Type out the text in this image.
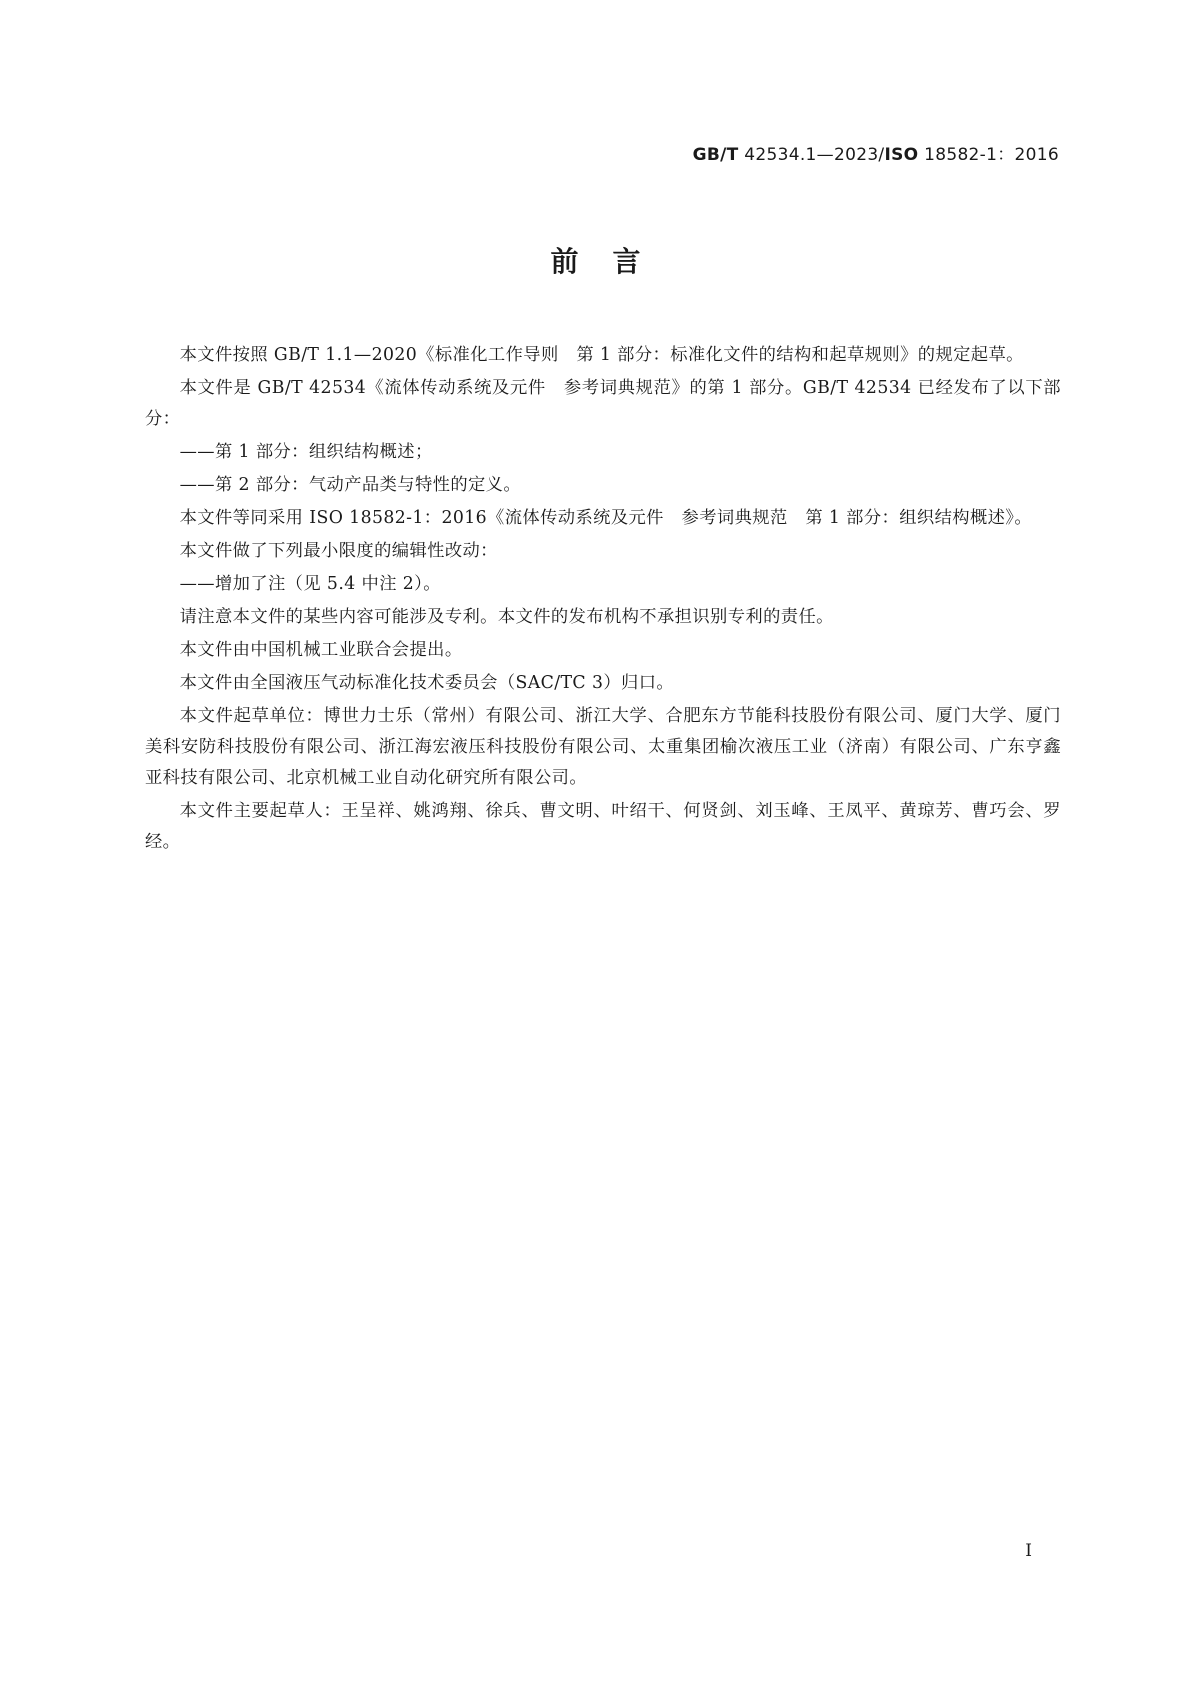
GB/T 42534.1—2023/ISO 18582-1：2016
前言

本文件按照 GB/T 1.1—2020《标准化工作导则　第 1 部分：标准化文件的结构和起草规则》的规定起草。

本文件是 GB/T 42534《流体传动系统及元件　参考词典规范》的第 1 部分。GB/T 42534 已经发布了以下部分：

——第 1 部分：组织结构概述；

——第 2 部分：气动产品类与特性的定义。

本文件等同采用 ISO 18582-1：2016《流体传动系统及元件　参考词典规范　第 1 部分：组织结构概述》。

本文件做了下列最小限度的编辑性改动：

——增加了注（见 5.4 中注 2）。

请注意本文件的某些内容可能涉及专利。本文件的发布机构不承担识别专利的责任。

本文件由中国机械工业联合会提出。

本文件由全国液压气动标准化技术委员会（SAC/TC 3）归口。

本文件起草单位：博世力士乐（常州）有限公司、浙江大学、合肥东方节能科技股份有限公司、厦门大学、厦门美科安防科技股份有限公司、浙江海宏液压科技股份有限公司、太重集团榆次液压工业（济南）有限公司、广东亨鑫亚科技有限公司、北京机械工业自动化研究所有限公司。

本文件主要起草人：王呈祥、姚鸿翔、徐兵、曹文明、叶绍干、何贤剑、刘玉峰、王凤平、黄琼芳、曹巧会、罗经。

I
